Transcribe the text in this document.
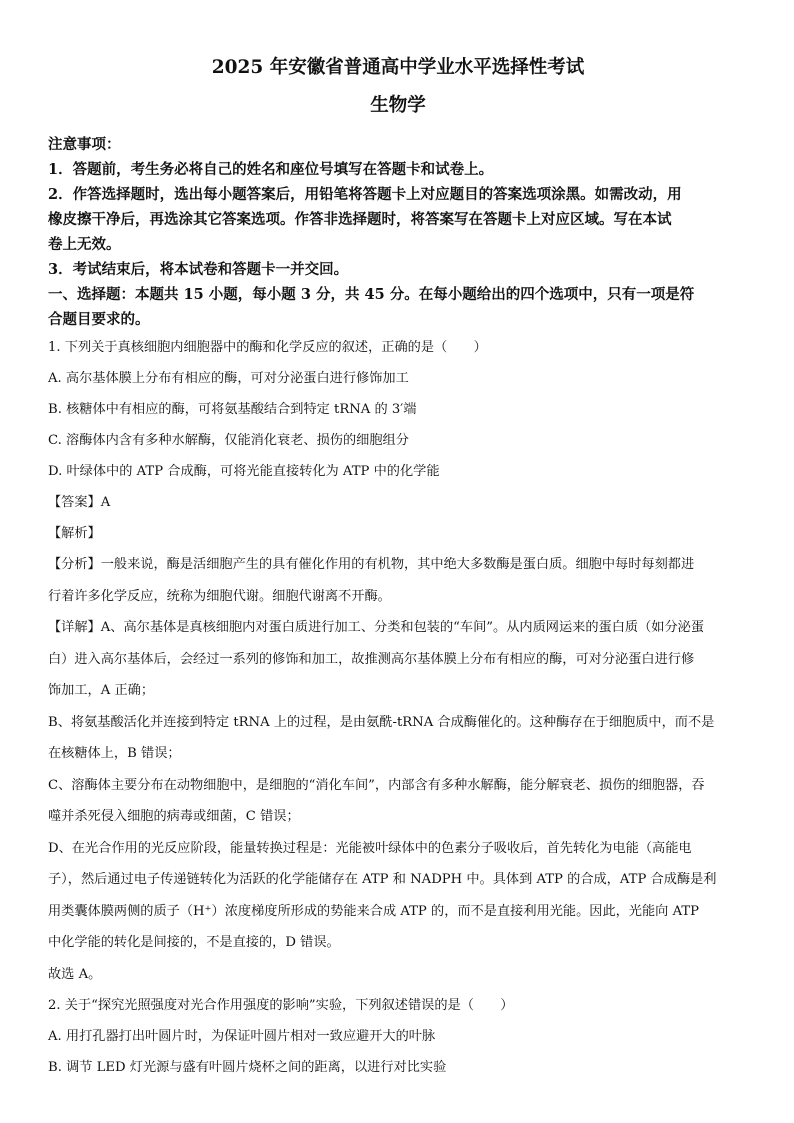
2025 年安徽省普通高中学业水平选择性考试

生物学

注意事项：

1．答题前，考生务必将自己的姓名和座位号填写在答题卡和试卷上。

2．作答选择题时，选出每小题答案后，用铅笔将答题卡上对应题目的答案选项涂黑。如需改动，用

橡皮擦干净后，再选涂其它答案选项。作答非选择题时，将答案写在答题卡上对应区域。写在本试

卷上无效。

3．考试结束后，将本试卷和答题卡一并交回。

一、选择题：本题共 15 小题，每小题 3 分，共 45 分。在每小题给出的四个选项中，只有一项是符

合题目要求的。

1. 下列关于真核细胞内细胞器中的酶和化学反应的叙述，正确的是（　　）

A. 高尔基体膜上分布有相应的酶，可对分泌蛋白进行修饰加工

B. 核糖体中有相应的酶，可将氨基酸结合到特定 tRNA 的 3′端

C. 溶酶体内含有多种水解酶，仅能消化衰老、损伤的细胞组分

D. 叶绿体中的 ATP 合成酶，可将光能直接转化为 ATP 中的化学能

【答案】A

【解析】

【分析】一般来说，酶是活细胞产生的具有催化作用的有机物，其中绝大多数酶是蛋白质。细胞中每时每刻都进

行着许多化学反应，统称为细胞代谢。细胞代谢离不开酶。

【详解】A、高尔基体是真核细胞内对蛋白质进行加工、分类和包装的“车间”。从内质网运来的蛋白质（如分泌蛋

白）进入高尔基体后，会经过一系列的修饰和加工，故推测高尔基体膜上分布有相应的酶，可对分泌蛋白进行修

饰加工，A 正确；

B、将氨基酸活化并连接到特定 tRNA 上的过程，是由氨酰-tRNA 合成酶催化的。这种酶存在于细胞质中，而不是

在核糖体上，B 错误；

C、溶酶体主要分布在动物细胞中，是细胞的“消化车间”，内部含有多种水解酶，能分解衰老、损伤的细胞器，吞

噬并杀死侵入细胞的病毒或细菌，C 错误；

D、在光合作用的光反应阶段，能量转换过程是：光能被叶绿体中的色素分子吸收后，首先转化为电能（高能电

子），然后通过电子传递链转化为活跃的化学能储存在 ATP 和 NADPH 中。具体到 ATP 的合成，ATP 合成酶是利

用类囊体膜两侧的质子（H⁺）浓度梯度所形成的势能来合成 ATP 的，而不是直接利用光能。因此，光能向 ATP

中化学能的转化是间接的，不是直接的，D 错误。

故选 A。

2. 关于“探究光照强度对光合作用强度的影响”实验，下列叙述错误的是（　　）

A. 用打孔器打出叶圆片时，为保证叶圆片相对一致应避开大的叶脉

B. 调节 LED 灯光源与盛有叶圆片烧杯之间的距离，以进行对比实验
